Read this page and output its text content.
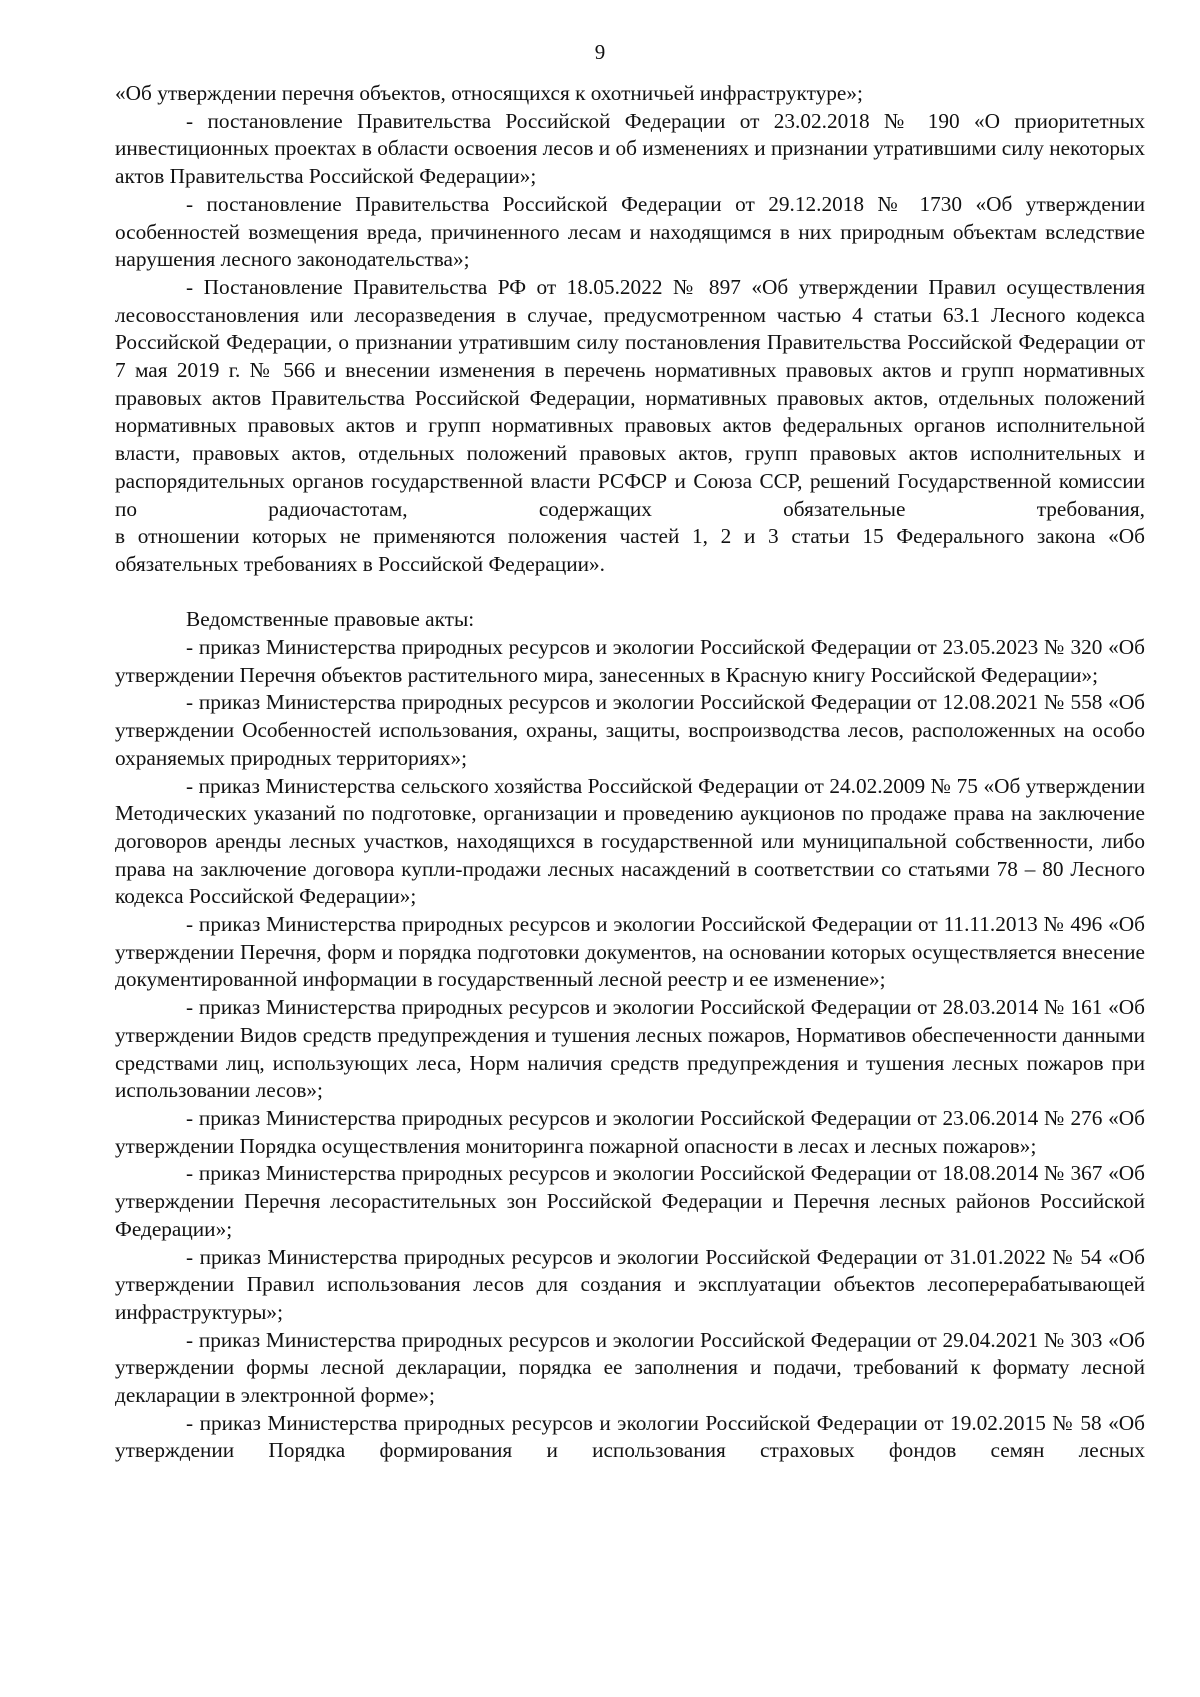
9

«Об утверждении перечня объектов, относящихся к охотничьей инфраструктуре»;

- постановление Правительства Российской Федерации от 23.02.2018 № 190 «О приоритетных инвестиционных проектах в области освоения лесов и об изменениях и признании утратившими силу некоторых актов Правительства Российской Федерации»;

- постановление Правительства Российской Федерации от 29.12.2018 № 1730 «Об утверждении особенностей возмещения вреда, причиненного лесам и находящимся в них природным объектам вследствие нарушения лесного законодательства»;

- Постановление Правительства РФ от 18.05.2022 № 897 «Об утверждении Правил осуществления лесовосстановления или лесоразведения в случае, предусмотренном частью 4 статьи 63.1 Лесного кодекса Российской Федерации, о признании утратившим силу постановления Правительства Российской Федерации от 7 мая 2019 г. № 566 и внесении изменения в перечень нормативных правовых актов и групп нормативных правовых актов Правительства Российской Федерации, нормативных правовых актов, отдельных положений нормативных правовых актов и групп нормативных правовых актов федеральных органов исполнительной власти, правовых актов, отдельных положений правовых актов, групп правовых актов исполнительных и распорядительных органов государственной власти РСФСР и Союза ССР, решений Государственной комиссии по радиочастотам, содержащих обязательные требования,

в отношении которых не применяются положения частей 1, 2 и 3 статьи 15 Федерального закона «Об обязательных требованиях в Российской Федерации».

Ведомственные правовые акты:

- приказ Министерства природных ресурсов и экологии Российской Федерации от 23.05.2023 № 320 «Об утверждении Перечня объектов растительного мира, занесенных в Красную книгу Российской Федерации»;

- приказ Министерства природных ресурсов и экологии Российской Федерации от 12.08.2021 № 558 «Об утверждении Особенностей использования, охраны, защиты, воспроизводства лесов, расположенных на особо охраняемых природных территориях»;

- приказ Министерства сельского хозяйства Российской Федерации от 24.02.2009 № 75 «Об утверждении Методических указаний по подготовке, организации и проведению аукционов по продаже права на заключение договоров аренды лесных участков, находящихся в государственной или муниципальной собственности, либо права на заключение договора купли-продажи лесных насаждений в соответствии со статьями 78 – 80 Лесного кодекса Российской Федерации»;

- приказ Министерства природных ресурсов и экологии Российской Федерации от 11.11.2013 № 496 «Об утверждении Перечня, форм и порядка подготовки документов, на основании которых осуществляется внесение документированной информации в государственный лесной реестр и ее изменение»;

- приказ Министерства природных ресурсов и экологии Российской Федерации от 28.03.2014 № 161 «Об утверждении Видов средств предупреждения и тушения лесных пожаров, Нормативов обеспеченности данными средствами лиц, использующих леса, Норм наличия средств предупреждения и тушения лесных пожаров при использовании лесов»;

- приказ Министерства природных ресурсов и экологии Российской Федерации от 23.06.2014 № 276 «Об утверждении Порядка осуществления мониторинга пожарной опасности в лесах и лесных пожаров»;

- приказ Министерства природных ресурсов и экологии Российской Федерации от 18.08.2014 № 367 «Об утверждении Перечня лесорастительных зон Российской Федерации и Перечня лесных районов Российской Федерации»;

- приказ Министерства природных ресурсов и экологии Российской Федерации от 31.01.2022 № 54 «Об утверждении Правил использования лесов для создания и эксплуатации объектов лесоперерабатывающей инфраструктуры»;

- приказ Министерства природных ресурсов и экологии Российской Федерации от 29.04.2021 № 303 «Об утверждении формы лесной декларации, порядка ее заполнения и подачи, требований к формату лесной декларации в электронной форме»;

- приказ Министерства природных ресурсов и экологии Российской Федерации от 19.02.2015 № 58 «Об утверждении Порядка формирования и использования страховых фондов семян лесных
